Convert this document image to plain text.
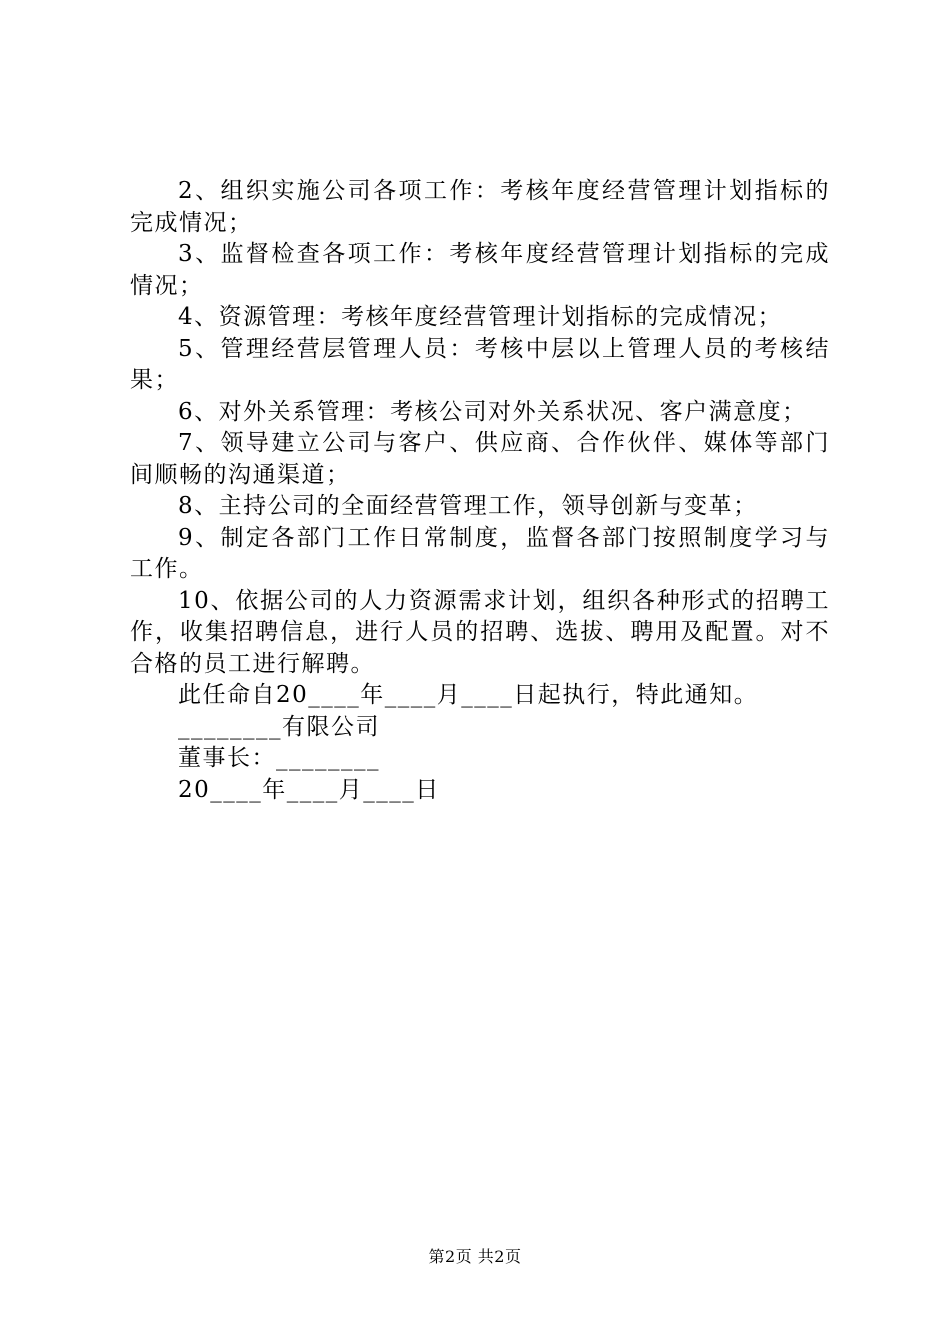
2、组织实施公司各项工作：考核年度经营管理计划指标的完成情况；

3、监督检查各项工作：考核年度经营管理计划指标的完成情况；

4、资源管理：考核年度经营管理计划指标的完成情况；

5、管理经营层管理人员：考核中层以上管理人员的考核结果；

6、对外关系管理：考核公司对外关系状况、客户满意度；

7、领导建立公司与客户、供应商、合作伙伴、媒体等部门间顺畅的沟通渠道；

8、主持公司的全面经营管理工作，领导创新与变革；

9、制定各部门工作日常制度，监督各部门按照制度学习与工作。

10、依据公司的人力资源需求计划，组织各种形式的招聘工作，收集招聘信息，进行人员的招聘、选拔、聘用及配置。对不合格的员工进行解聘。

此任命自20____年____月____日起执行，特此通知。

________有限公司

董事长：________

20____年____月____日

第2页 共2页
